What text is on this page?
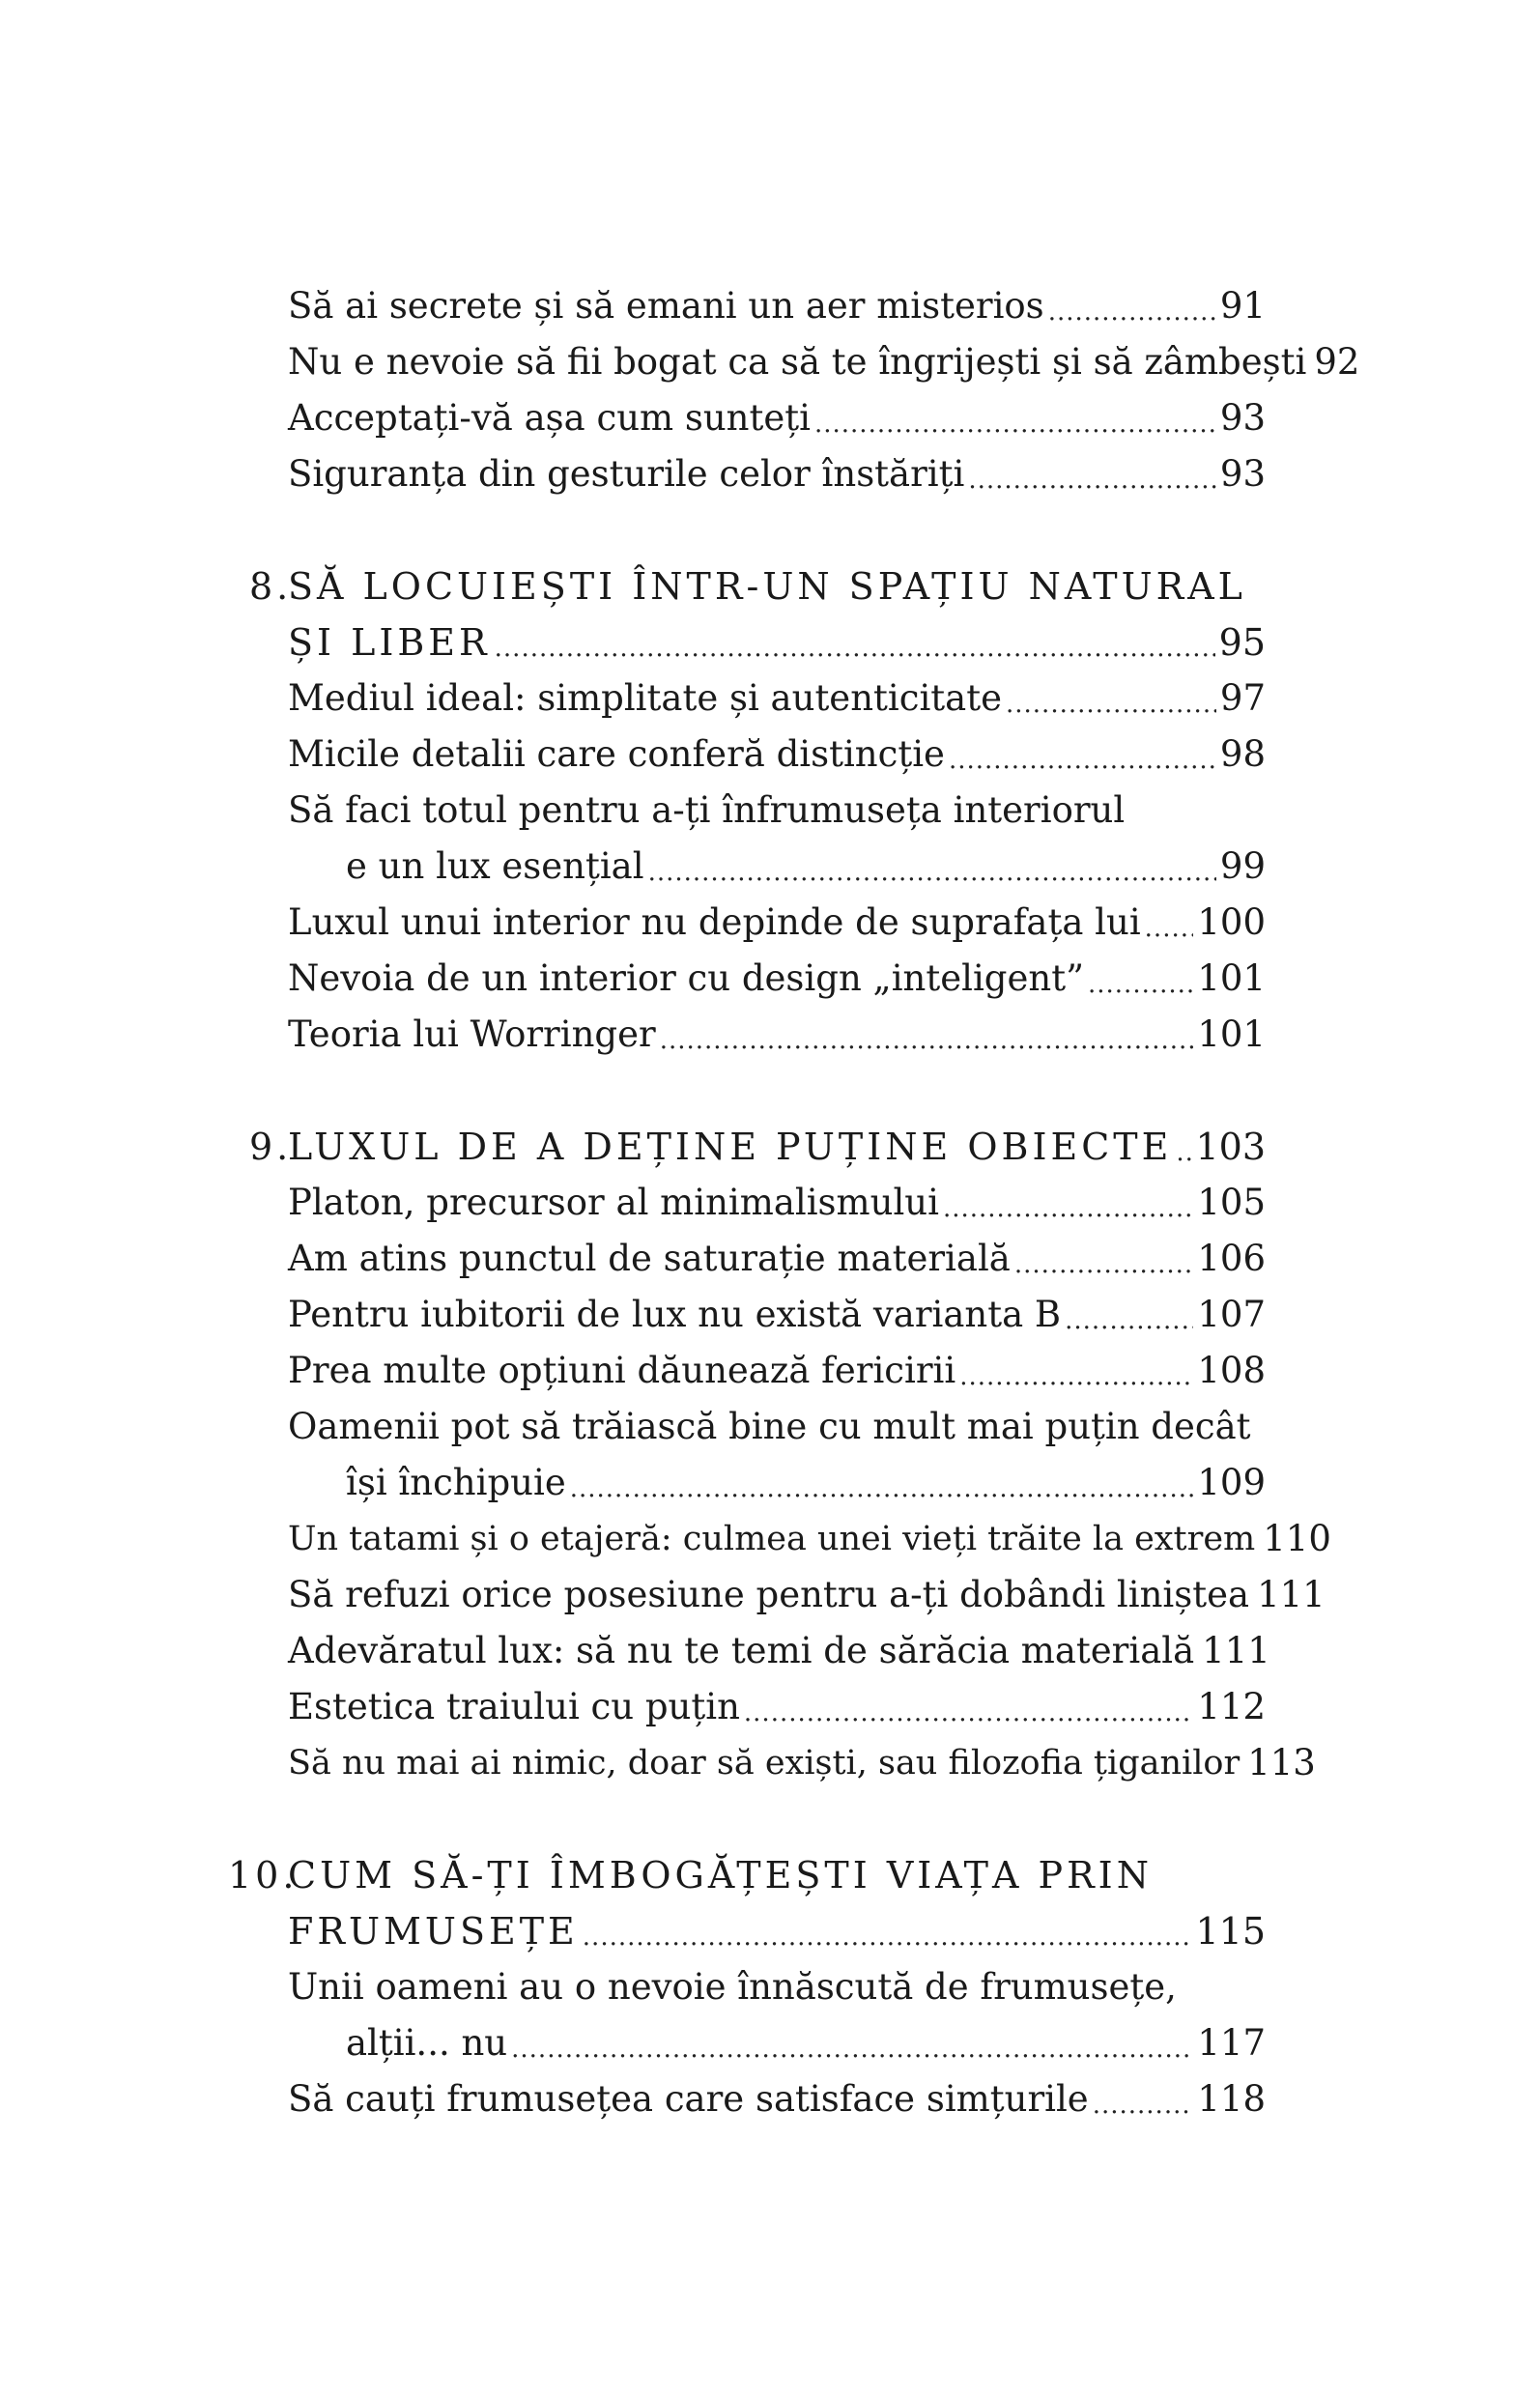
Să ai secrete și să emani un aer misterios .....	91
Nu e nevoie să fii bogat ca să te îngrijești și să zâmbești 92
Acceptați-vă așa cum sunteți .....	93
Siguranța din gesturile celor înstăriți .....	93
8.
SĂ LOCUIEȘTI ÎNTR-UN SPAȚIU NATURAL
ȘI LIBER .....	95
Mediul ideal: simplitate și autenticitate .....	97
Micile detalii care conferă distincție .....	98
Să faci totul pentru a-ți înfrumuseța interiorul
e un lux esențial .....	99
Luxul unui interior nu depinde de suprafața lui ..... 100
Nevoia de un interior cu design „inteligent” .....	101
Teoria lui Worringer .....	101
9.
LUXUL DE A DEȚINE PUȚINE OBIECTE ..... 103
Platon, precursor al minimalismului .....	105
Am atins punctul de saturație materială .....	106
Pentru iubitorii de lux nu există varianta B .....	107
Prea multe opțiuni dăunează fericirii .....	108
Oamenii pot să trăiască bine cu mult mai puțin decât
își închipuie .....	109
Un tatami și o etajeră: culmea unei vieți trăite la extrem 110
Să refuzi orice posesiune pentru a-ți dobândi liniștea 111
Adevăratul lux: să nu te temi de sărăcia materială 111
Estetica traiului cu puțin .....	112
Să nu mai ai nimic, doar să exiști, sau filozofia țiganilor 113
10.
CUM SĂ-ȚI ÎMBOGĂȚEȘTI VIAȚA PRIN
FRUMUSEȚE .....	115
Unii oameni au o nevoie înnăscută de frumusețe,
alții... nu .....	117
Să cauți frumusețea care satisface simțurile .....	118
